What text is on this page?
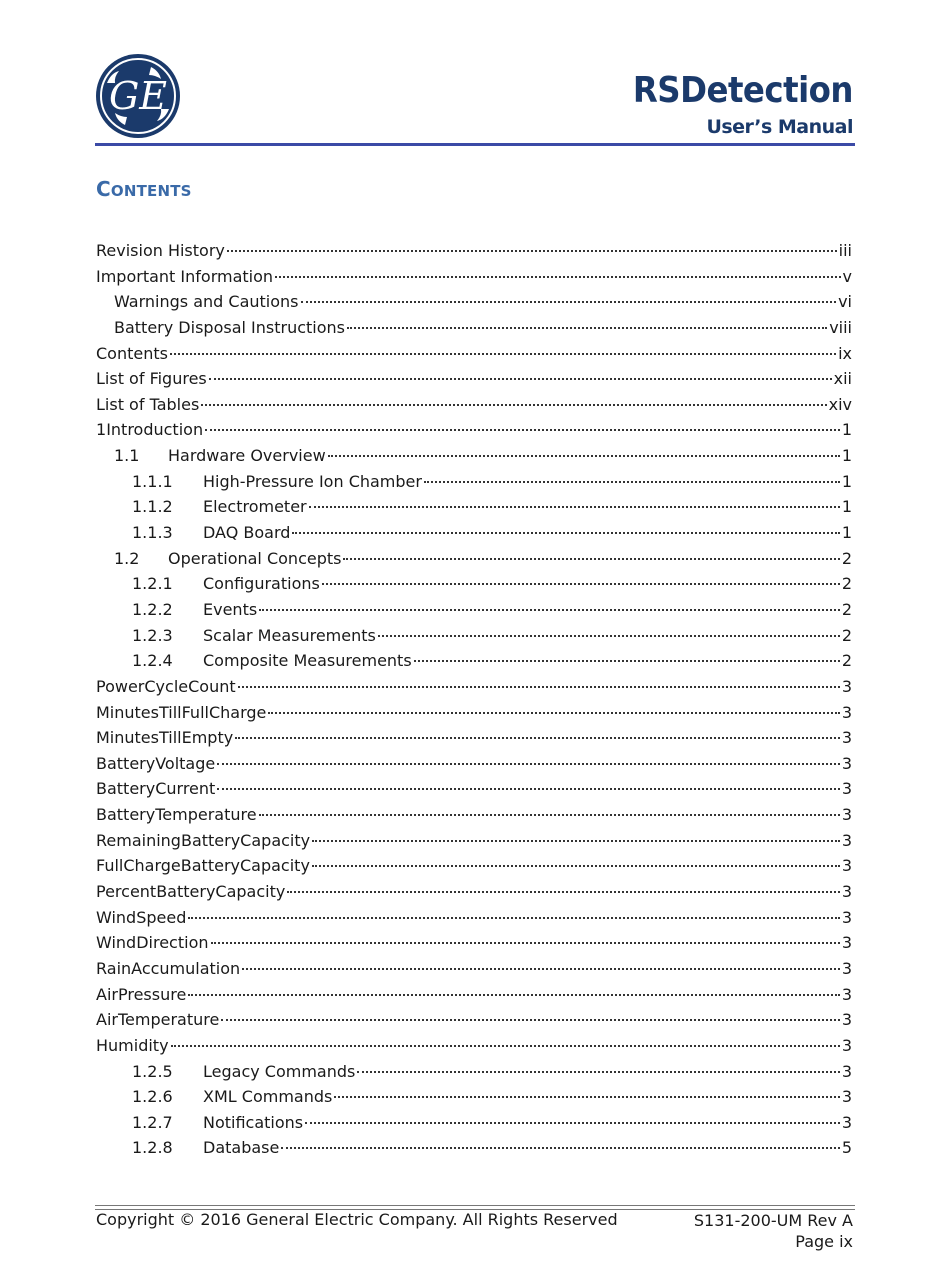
GE	RSDetection
User’s Manual
CONTENTS
Revision History	iii
Important Information	v
Warnings and Cautions	vi
Battery Disposal Instructions	viii
Contents	ix
List of Figures	xii
List of Tables	xiv
1 Introduction	1
1.1	Hardware Overview	1
1.1.1	High-Pressure Ion Chamber	1
1.1.2	Electrometer	1
1.1.3	DAQ Board	1
1.2	Operational Concepts	2
1.2.1	Configurations	2
1.2.2	Events	2
1.2.3	Scalar Measurements	2
1.2.4	Composite Measurements	2
PowerCycleCount	3
MinutesTillFullCharge	3
MinutesTillEmpty	3
BatteryVoltage	3
BatteryCurrent	3
BatteryTemperature	3
RemainingBatteryCapacity	3
FullChargeBatteryCapacity	3
PercentBatteryCapacity	3
WindSpeed	3
WindDirection	3
RainAccumulation	3
AirPressure	3
AirTemperature	3
Humidity	3
1.2.5	Legacy Commands	3
1.2.6	XML Commands	3
1.2.7	Notifications	3
1.2.8	Database	5
Copyright © 2016 General Electric Company. All Rights Reserved	S131-200-UM Rev A
Page ix
